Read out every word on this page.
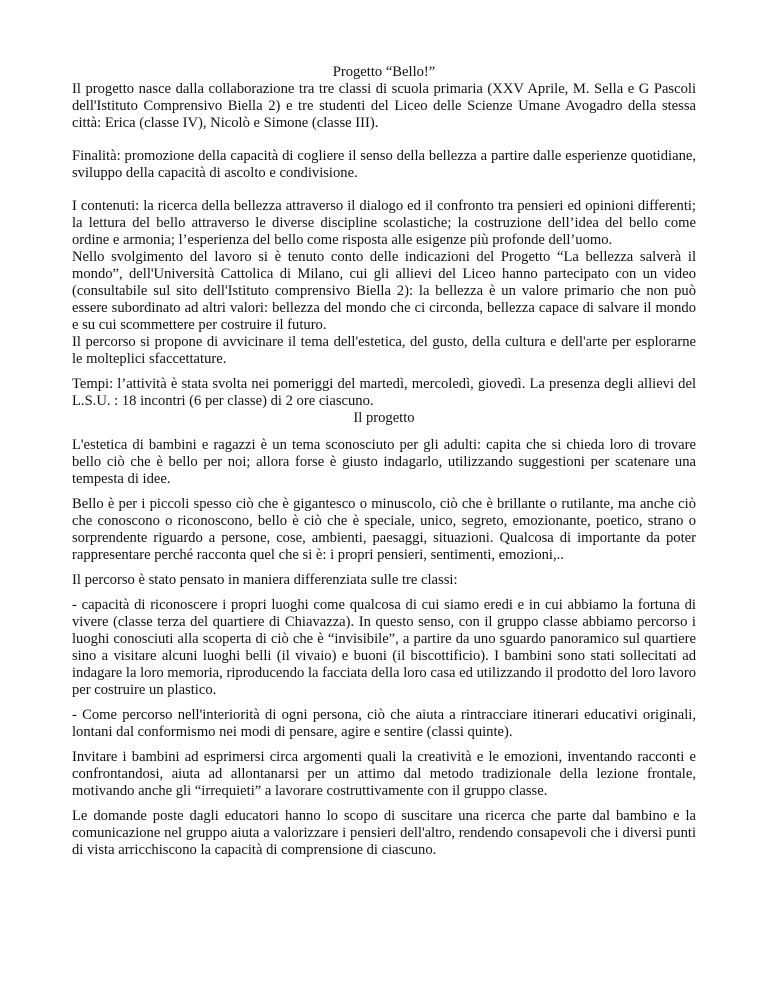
Progetto “Bello!”

Il progetto nasce dalla collaborazione tra tre classi di scuola primaria (XXV Aprile, M. Sella e G Pascoli dell'Istituto Comprensivo Biella 2) e tre studenti del Liceo delle Scienze Umane Avogadro della stessa città: Erica (classe IV), Nicolò e Simone (classe III).

Finalità: promozione della capacità di cogliere il senso della bellezza a partire dalle esperienze quotidiane, sviluppo della capacità di ascolto e condivisione.

I contenuti: la ricerca della bellezza attraverso il dialogo ed il confronto tra pensieri ed opinioni differenti; la lettura del bello attraverso le diverse discipline scolastiche; la costruzione dell’idea del bello come ordine e armonia; l’esperienza del bello come risposta alle esigenze più profonde dell’uomo.

Nello svolgimento del lavoro si è tenuto conto delle indicazioni del Progetto “La bellezza salverà il mondo”, dell'Università Cattolica di Milano, cui gli allievi del Liceo hanno partecipato con un video (consultabile sul sito dell'Istituto comprensivo Biella 2): la bellezza è un valore primario che non può essere subordinato ad altri valori: bellezza del mondo che ci circonda, bellezza capace di salvare il mondo e su cui scommettere per costruire il futuro.

Il percorso si propone di avvicinare il tema dell'estetica, del gusto, della cultura e dell'arte per esplorarne le molteplici sfaccettature.

Tempi: l’attività è stata svolta nei pomeriggi del martedì, mercoledì, giovedì. La presenza degli allievi del L.S.U. : 18 incontri (6 per classe) di 2 ore ciascuno.

Il progetto

L'estetica di bambini e ragazzi è un tema sconosciuto per gli adulti: capita che si chieda loro di trovare bello ciò che è bello per noi; allora forse è giusto indagarlo, utilizzando suggestioni per scatenare una tempesta di idee.

Bello è per i piccoli spesso ciò che è gigantesco o minuscolo, ciò che è brillante o rutilante, ma anche ciò che conoscono o riconoscono, bello è ciò che è speciale, unico, segreto, emozionante, poetico, strano o sorprendente riguardo a persone, cose, ambienti, paesaggi, situazioni. Qualcosa di importante da poter rappresentare perché racconta quel che si è: i propri pensieri, sentimenti, emozioni,..

Il percorso è stato pensato in maniera differenziata sulle tre classi:

- capacità di riconoscere i propri luoghi come qualcosa di cui siamo eredi e in cui abbiamo la fortuna di vivere (classe terza del quartiere di Chiavazza). In questo senso, con il gruppo classe abbiamo percorso i luoghi conosciuti alla scoperta di ciò che è “invisibile”, a partire da uno sguardo panoramico sul quartiere sino a visitare alcuni luoghi belli (il vivaio) e buoni (il biscottificio). I bambini sono stati sollecitati ad indagare la loro memoria, riproducendo la facciata della loro casa ed utilizzando il prodotto del loro lavoro per costruire un plastico.

- Come percorso nell'interiorità di ogni persona, ciò che aiuta a rintracciare itinerari educativi originali, lontani dal conformismo nei modi di pensare, agire e sentire (classi quinte).

Invitare i bambini ad esprimersi circa argomenti quali la creatività e le emozioni, inventando racconti e confrontandosi, aiuta ad allontanarsi per un attimo dal metodo tradizionale della lezione frontale, motivando anche gli “irrequieti” a lavorare costruttivamente con il gruppo classe.

Le domande poste dagli educatori hanno lo scopo di suscitare una ricerca che parte dal bambino e la comunicazione nel gruppo aiuta a valorizzare i pensieri dell'altro, rendendo consapevoli che i diversi punti di vista arricchiscono la capacità di comprensione di ciascuno.
